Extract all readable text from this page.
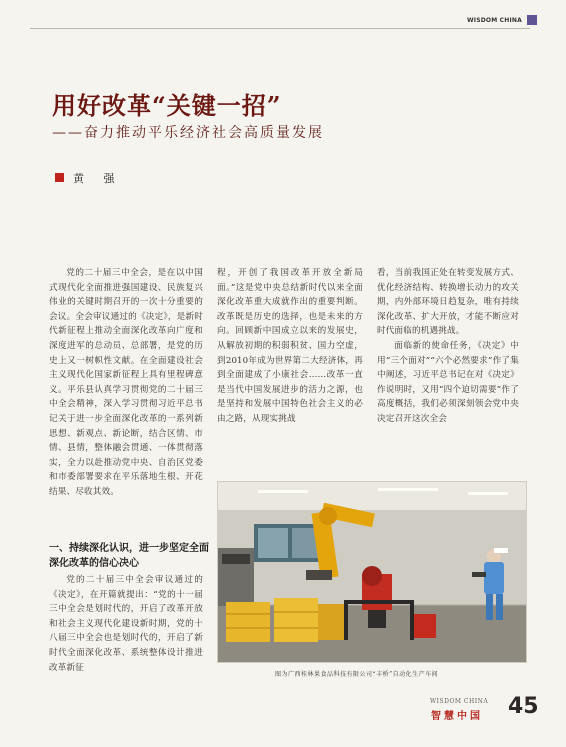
WISDOM CHINA
用好改革“关键一招”
——奋力推动平乐经济社会高质量发展
黄 强

党的二十届三中全会，是在以中国式现代化全面推进强国建设、民族复兴伟业的关键时期召开的一次十分重要的会议。全会审议通过的《决定》，是新时代新征程上推动全面深化改革向广度和深度进军的总动员、总部署，是党的历史上又一树帜性文献。在全面建设社会主义现代化国家新征程上具有里程碑意义。平乐县认真学习贯彻党的二十届三中全会精神，深入学习贯彻习近平总书记关于进一步全面深化改革的一系列新思想、新观点、新论断，结合区情、市情、县情，整体融会贯通、一体贯彻落实，全力以赴推动党中央、自治区党委和市委部署要求在平乐落地生根、开花结果、尽收其效。

一、持续深化认识，进一步坚定全面深化改革的信心决心

党的二十届三中全会审议通过的《决定》，在开篇就提出：“党的十一届三中全会是划时代的，开启了改革开放和社会主义现代化建设新时期，党的十八届三中全会也是划时代的，开启了新时代全面深化改革、系统整体设计推进改革新征

程，开创了我国改革开放全新局面。”这是党中央总结新时代以来全面深化改革重大成就作出的重要判断。改革既是历史的选择，也是未来的方向。回顾新中国成立以来的发展史，从解放初期的积弱积贫、国力空虚，到2010年成为世界第二大经济体，再到全面建成了小康社会……改革一直是当代中国发展进步的活力之源，也是坚持和发展中国特色社会主义的必由之路，从现实挑战

看，当前我国正处在转变发展方式、优化经济结构、转换增长动力的攻关期，内外部环境日趋复杂，唯有持续深化改革、扩大开放，才能不断应对时代面临的机遇挑战。

面临新的使命任务，《决定》中用“三个面对”“六个必然要求”作了集中阐述，习近平总书记在对《决定》作说明时，又用“四个迫切需要”作了高度概括，我们必须深刻领会党中央决定召开这次全会

图为广西桂林果食品科技有限公司“丰桥”自动化生产车间
WISDOM CHINA
智慧中国 45
